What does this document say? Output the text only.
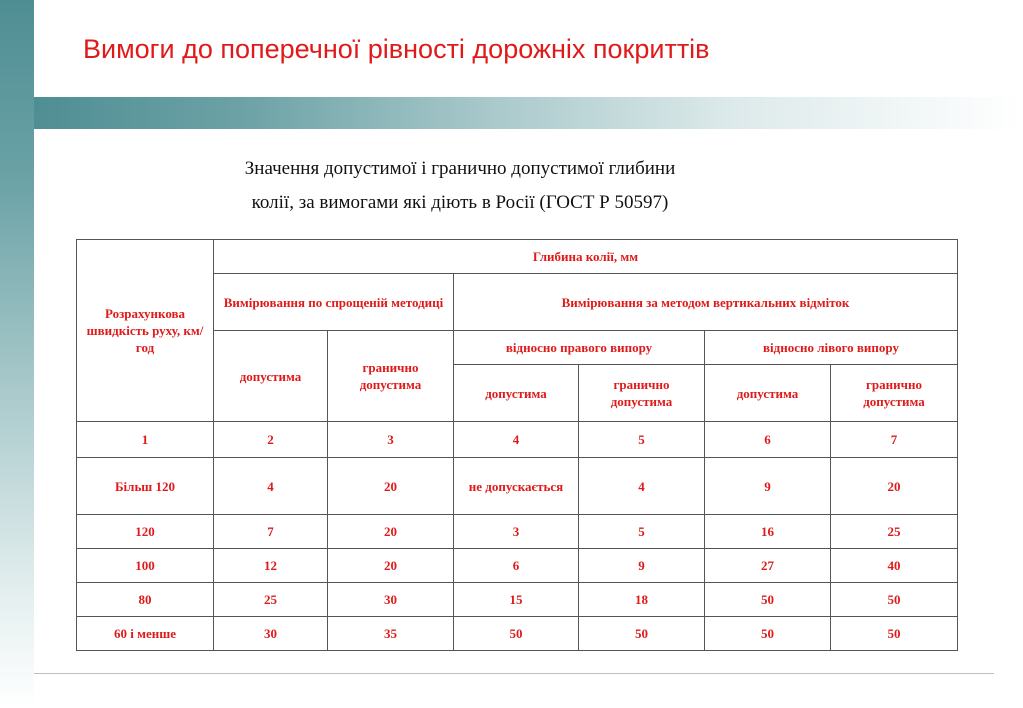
Вимоги до поперечної рівності дорожніх покриттів
Значення допустимої і гранично допустимої глибини
колії, за вимогами які діють в Росії (ГОСТ Р 50597)
Розрахункова швидкість руху, км/год	Глибина колії, мм					
	Вимірювання по спрощеній методиці		Вимірювання за методом вертикальних відміток			
	допустима	гранично допустима	відносно правого випору		відносно лівого випору	
			допустима	гранично допустима	допустима	гранично допустима
1	2	3	4	5	6	7
Більш 120	4	20	не допускається	4	9	20
120	7	20	3	5	16	25
100	12	20	6	9	27	40
80	25	30	15	18	50	50
60 і менше	30	35	50	50	50	50
